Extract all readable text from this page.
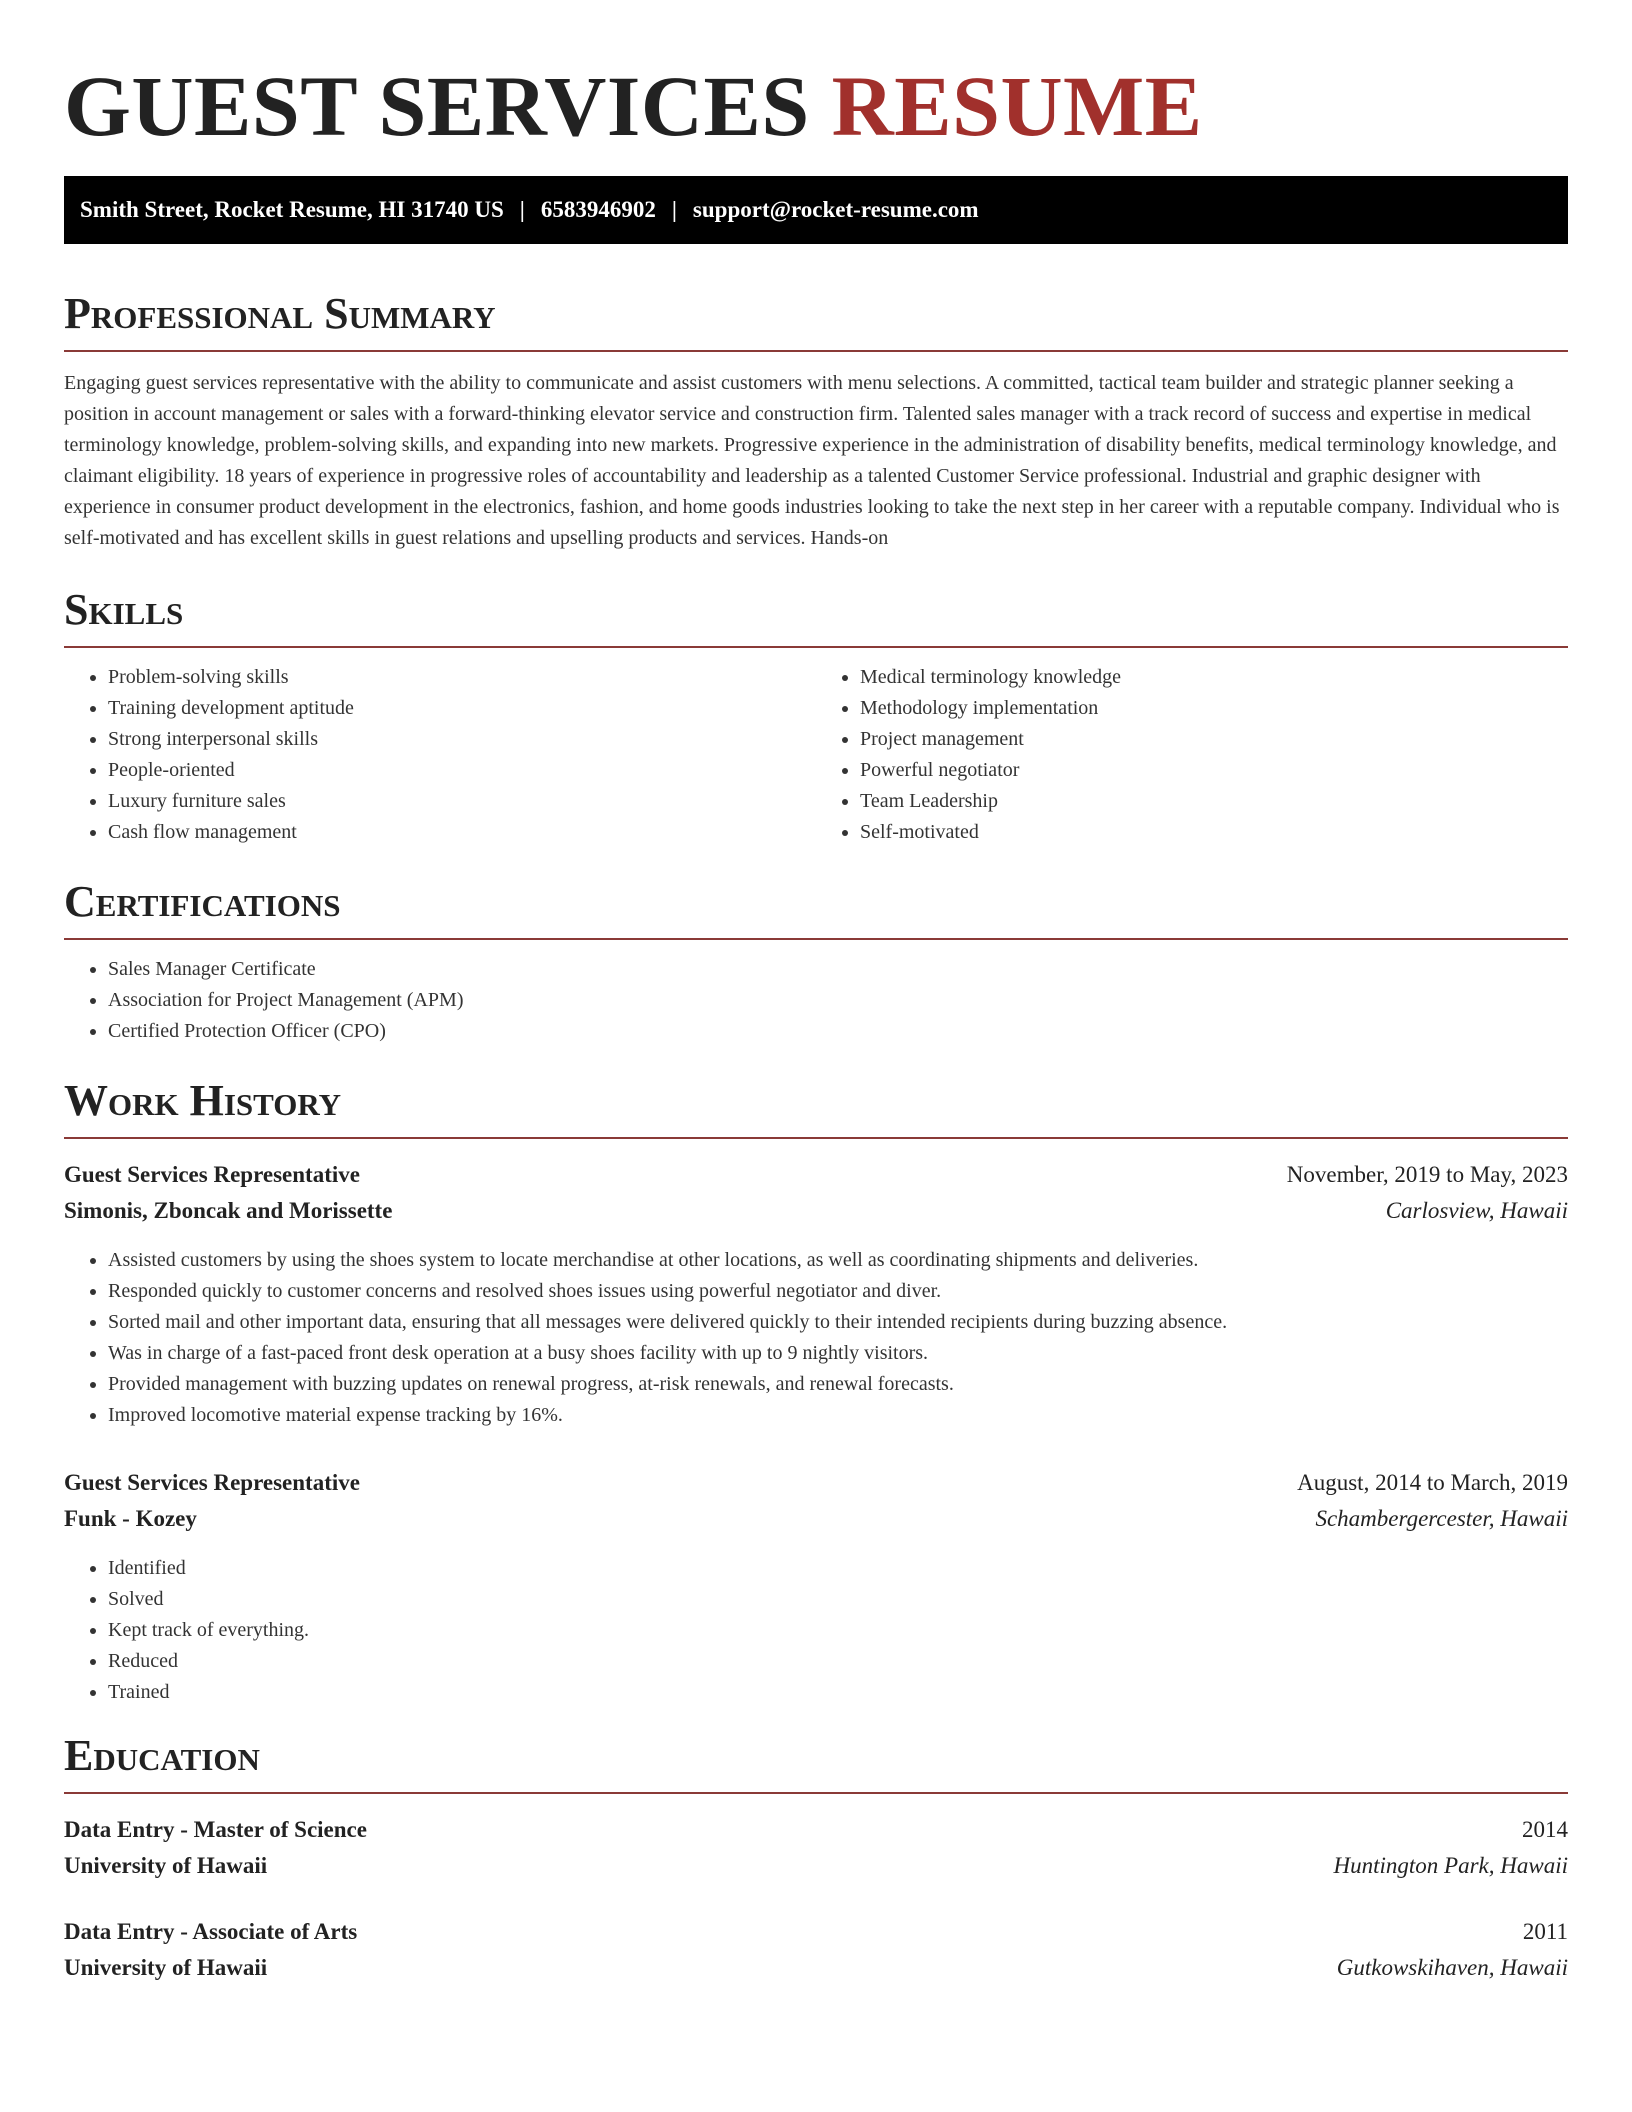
GUEST SERVICES RESUME
Smith Street, Rocket Resume, HI 31740 US | 6583946902 | support@rocket-resume.com
Professional Summary

Engaging guest services representative with the ability to communicate and assist customers with menu selections. A committed, tactical team builder and strategic planner seeking a position in account management or sales with a forward-thinking elevator service and construction firm. Talented sales manager with a track record of success and expertise in medical terminology knowledge, problem-solving skills, and expanding into new markets. Progressive experience in the administration of disability benefits, medical terminology knowledge, and claimant eligibility. 18 years of experience in progressive roles of accountability and leadership as a talented Customer Service professional. Industrial and graphic designer with experience in consumer product development in the electronics, fashion, and home goods industries looking to take the next step in her career with a reputable company. Individual who is self-motivated and has excellent skills in guest relations and upselling products and services. Hands-on

Skills
• Problem-solving skills
• Training development aptitude
• Strong interpersonal skills
• People-oriented
• Luxury furniture sales
• Cash flow management
• Medical terminology knowledge
• Methodology implementation
• Project management
• Powerful negotiator
• Team Leadership
• Self-motivated
Certifications
• Sales Manager Certificate
• Association for Project Management (APM)
• Certified Protection Officer (CPO)
Work History
Guest Services Representative	November, 2019 to May, 2023
Simonis, Zboncak and Morissette	Carlosview, Hawaii
• Assisted customers by using the shoes system to locate merchandise at other locations, as well as coordinating shipments and deliveries.
• Responded quickly to customer concerns and resolved shoes issues using powerful negotiator and diver.
• Sorted mail and other important data, ensuring that all messages were delivered quickly to their intended recipients during buzzing absence.
• Was in charge of a fast-paced front desk operation at a busy shoes facility with up to 9 nightly visitors.
• Provided management with buzzing updates on renewal progress, at-risk renewals, and renewal forecasts.
• Improved locomotive material expense tracking by 16%.
Guest Services Representative	August, 2014 to March, 2019
Funk - Kozey	Schambergercester, Hawaii
• Identified
• Solved
• Kept track of everything.
• Reduced
• Trained
Education
Data Entry - Master of Science	2014
University of Hawaii	Huntington Park, Hawaii
Data Entry - Associate of Arts	2011
University of Hawaii	Gutkowskihaven, Hawaii
